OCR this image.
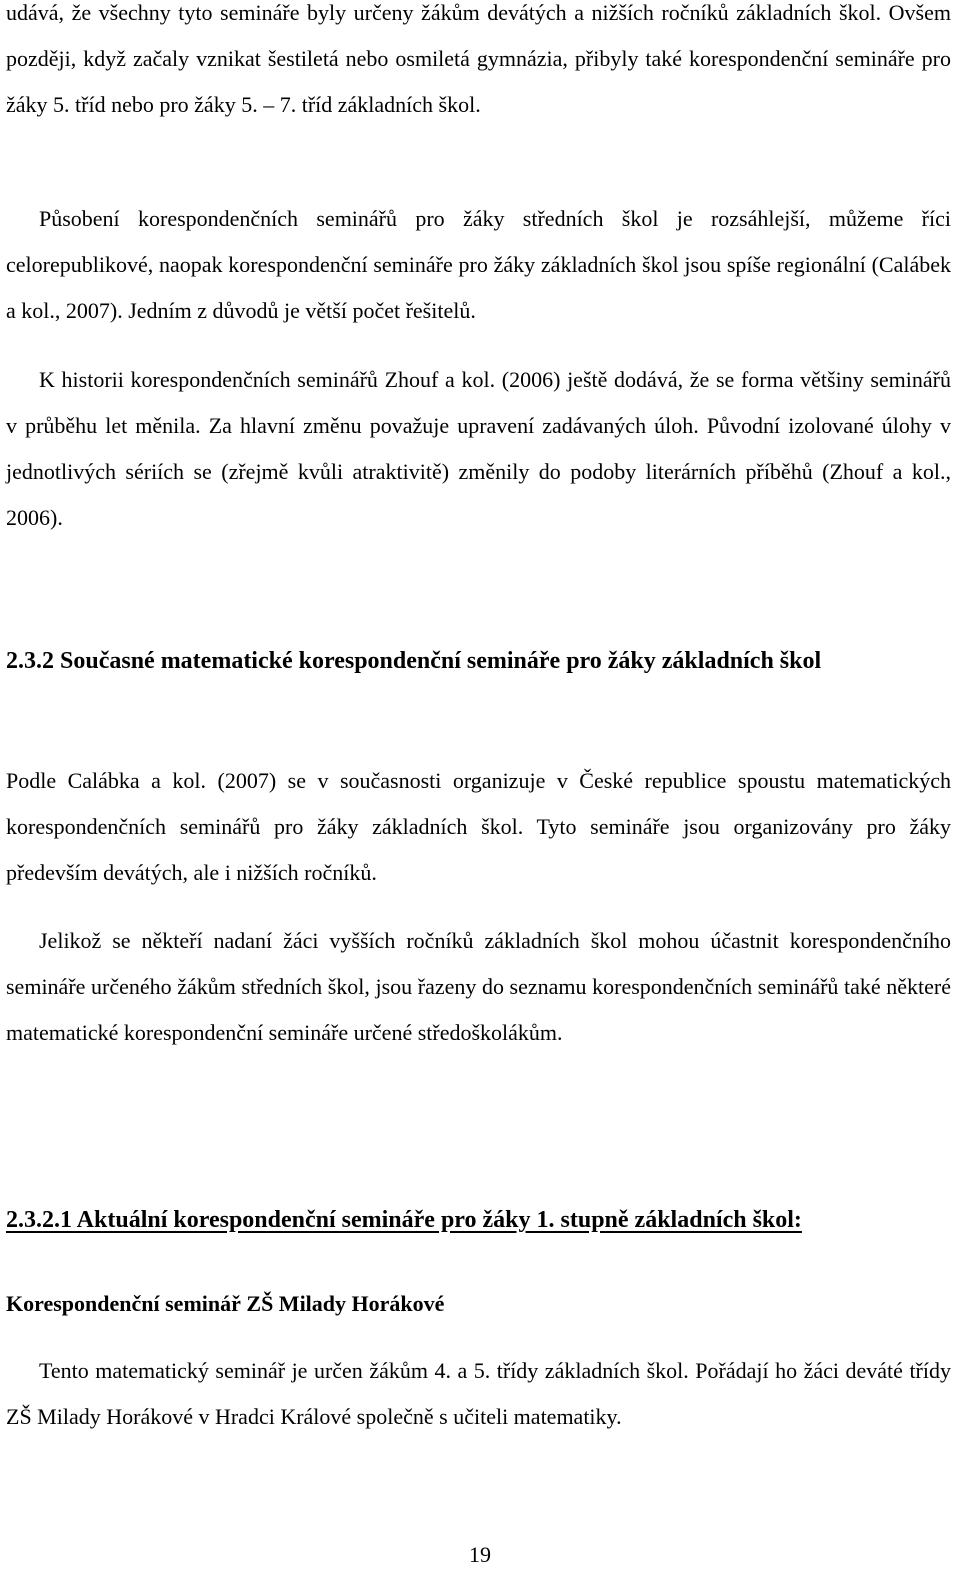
udává, že všechny tyto semináře byly určeny žákům devátých a nižších ročníků základních škol. Ovšem později, když začaly vznikat šestiletá nebo osmiletá gymnázia, přibyly také korespondenční semináře pro žáky 5. tříd nebo pro žáky 5. – 7. tříd základních škol.

Působení korespondenčních seminářů pro žáky středních škol je rozsáhlejší, můžeme říci celorepublikové, naopak korespondenční semináře pro žáky základních škol jsou spíše regionální (Calábek a kol., 2007). Jedním z důvodů je větší počet řešitelů.

K historii korespondenčních seminářů Zhouf a kol. (2006) ještě dodává, že se forma většiny seminářů v průběhu let měnila. Za hlavní změnu považuje upravení zadávaných úloh. Původní izolované úlohy v jednotlivých sériích se (zřejmě kvůli atraktivitě) změnily do podoby literárních příběhů (Zhouf a kol., 2006).

2.3.2 Současné matematické korespondenční semináře pro žáky základních škol

Podle Calábka a kol. (2007) se v současnosti organizuje v České republice spoustu matematických korespondenčních seminářů pro žáky základních škol. Tyto semináře jsou organizovány pro žáky především devátých, ale i nižších ročníků.

Jelikož se někteří nadaní žáci vyšších ročníků základních škol mohou účastnit korespondenčního semináře určeného žákům středních škol, jsou řazeny do seznamu korespondenčních seminářů také některé matematické korespondenční semináře určené středoškolákům.

2.3.2.1 Aktuální korespondenční semináře pro žáky 1. stupně základních škol:
Korespondenční seminář ZŠ Milady Horákové

Tento matematický seminář je určen žákům 4. a 5. třídy základních škol. Pořádají ho žáci deváté třídy ZŠ Milady Horákové v Hradci Králové společně s učiteli matematiky.

19
